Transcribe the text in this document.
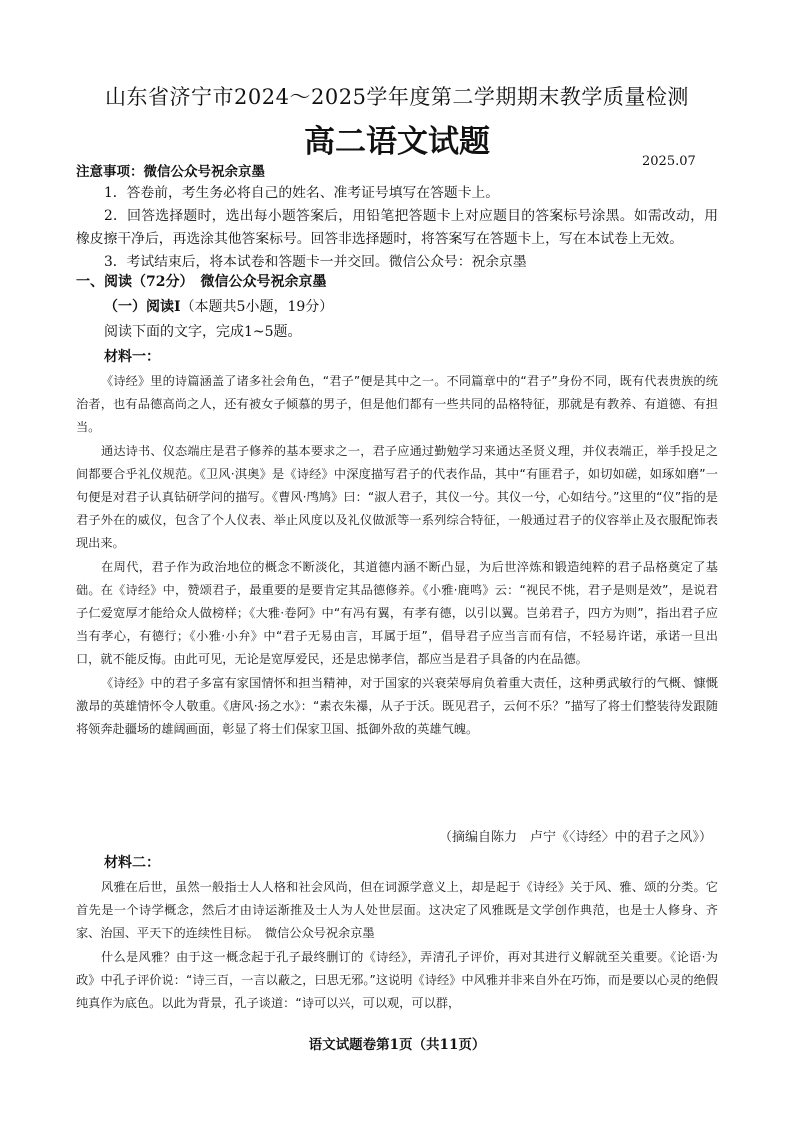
山东省济宁市2024～2025学年度第二学期期末教学质量检测
高二语文试题
2025.07
注意事项：微信公众号祝余京墨

1．答卷前，考生务必将自己的姓名、准考证号填写在答题卡上。

2．回答选择题时，选出每小题答案后，用铅笔把答题卡上对应题目的答案标号涂黑。如需改动，用橡皮擦干净后，再选涂其他答案标号。回答非选择题时，将答案写在答题卡上，写在本试卷上无效。

3．考试结束后，将本试卷和答题卡一并交回。微信公众号：祝余京墨

一、阅读（72分）　微信公众号祝余京墨
（一）阅读Ⅰ（本题共5小题，19分）
阅读下面的文字，完成1~5题。
材料一：

《诗经》里的诗篇涵盖了诸多社会角色，“君子”便是其中之一。不同篇章中的“君子”身份不同，既有代表贵族的统治者，也有品德高尚之人，还有被女子倾慕的男子，但是他们都有一些共同的品格特征，那就是有教养、有道德、有担当。

通达诗书、仪态端庄是君子修养的基本要求之一，君子应通过勤勉学习来通达圣贤义理，并仪表端正，举手投足之间都要合乎礼仪规范。《卫风·淇奥》是《诗经》中深度描写君子的代表作品，其中“有匪君子，如切如磋，如琢如磨”一句便是对君子认真钻研学问的描写。《曹风·鸤鸠》曰：“淑人君子，其仪一兮。其仪一兮，心如结兮。”这里的“仪”指的是君子外在的威仪，包含了个人仪表、举止风度以及礼仪做派等一系列综合特征，一般通过君子的仪容举止及衣服配饰表现出来。

在周代，君子作为政治地位的概念不断淡化，其道德内涵不断凸显，为后世淬炼和锻造纯粹的君子品格奠定了基础。在《诗经》中，赞颂君子，最重要的是要肯定其品德修养。《小雅·鹿鸣》云：“视民不恌，君子是则是效”，是说君子仁爱宽厚才能给众人做榜样；《大雅·卷阿》中“有冯有翼，有孝有德，以引以翼。岂弟君子，四方为则”，指出君子应当有孝心，有德行；《小雅·小弁》中“君子无易由言，耳属于垣”，倡导君子应当言而有信，不轻易许诺，承诺一旦出口，就不能反悔。由此可见，无论是宽厚爱民，还是忠悌孝信，都应当是君子具备的内在品德。

《诗经》中的君子多富有家国情怀和担当精神，对于国家的兴衰荣辱肩负着重大责任，这种勇武敏行的气概、慷慨激昂的英雄情怀令人敬重。《唐风·扬之水》：“素衣朱襮，从子于沃。既见君子，云何不乐？”描写了将士们整装待发跟随将领奔赴疆场的雄阔画面，彰显了将士们保家卫国、抵御外敌的英雄气魄。

（摘编自陈力　卢宁《〈诗经〉中的君子之风》）
材料二：

风雅在后世，虽然一般指士人人格和社会风尚，但在词源学意义上，却是起于《诗经》关于风、雅、颂的分类。它首先是一个诗学概念，然后才由诗运渐推及士人为人处世层面。这决定了风雅既是文学创作典范，也是士人修身、齐家、治国、平天下的连续性目标。　微信公众号祝余京墨

什么是风雅？由于这一概念起于孔子最终删订的《诗经》，弄清孔子评价，再对其进行义解就至关重要。《论语·为政》中孔子评价说：“诗三百，一言以蔽之，曰思无邪。”这说明《诗经》中风雅并非来自外在巧饰，而是要以心灵的绝假纯真作为底色。以此为背景，孔子谈道：“诗可以兴，可以观，可以群，

语文试题卷第1页（共11页）
